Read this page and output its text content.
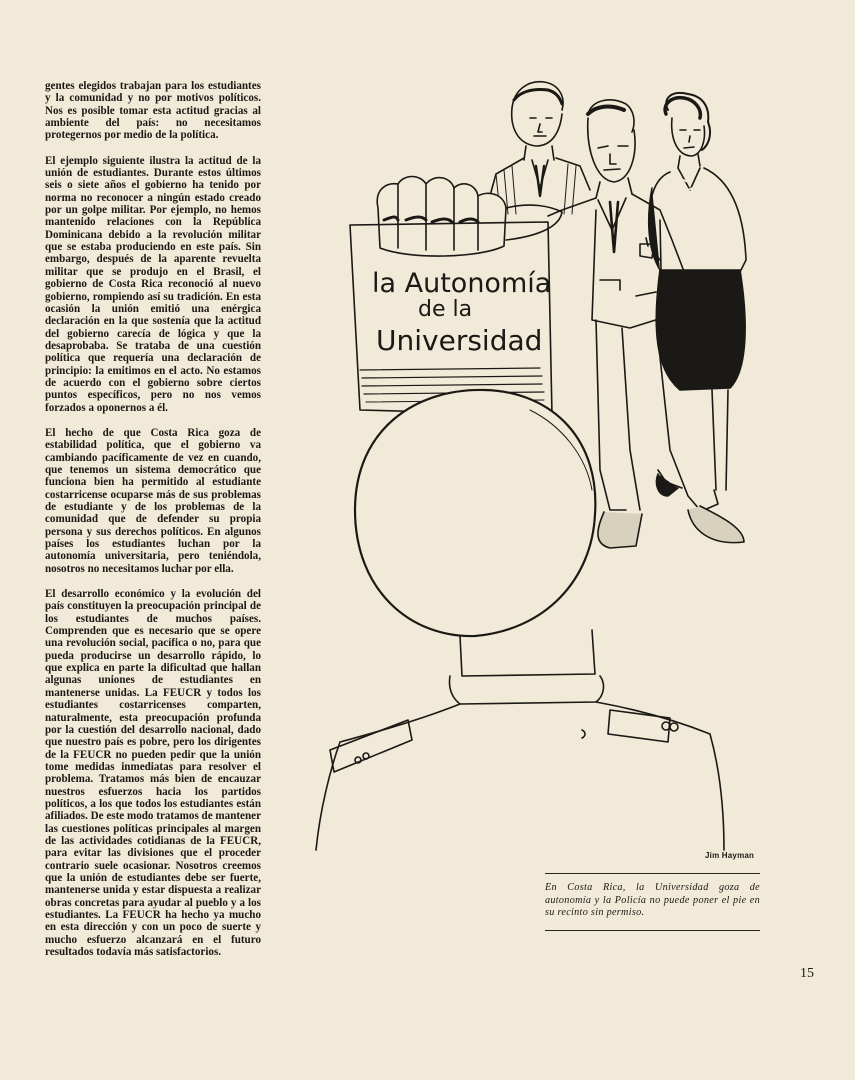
gentes elegidos trabajan para los estudiantes y la comunidad y no por motivos políticos. Nos es posible tomar esta actitud gracias al ambiente del país: no necesitamos protegernos por medio de la política.

El ejemplo siguiente ilustra la actitud de la unión de estudiantes. Durante estos últimos seis o siete años el gobierno ha tenido por norma no reconocer a ningún estado creado por un golpe militar. Por ejemplo, no hemos mantenido relaciones con la República Dominicana debido a la revolución militar que se estaba produciendo en este país. Sin embargo, después de la aparente revuelta militar que se produjo en el Brasil, el gobierno de Costa Rica reconoció al nuevo gobierno, rompiendo así su tradición. En esta ocasión la unión emitió una enérgica declaración en la que sostenía que la actitud del gobierno carecía de lógica y que la desaprobaba. Se trataba de una cuestión política que requería una declaración de principio: la emitimos en el acto. No estamos de acuerdo con el gobierno sobre ciertos puntos específicos, pero no nos vemos forzados a oponernos a él.

El hecho de que Costa Rica goza de estabilidad política, que el gobierno va cambiando pacíficamente de vez en cuando, que tenemos un sistema democrático que funciona bien ha permitido al estudiante costarricense ocuparse más de sus problemas de estudiante y de los problemas de la comunidad que de defender su propia persona y sus derechos políticos. En algunos países los estudiantes luchan por la autonomía universitaria, pero teniéndola, nosotros no necesitamos luchar por ella.

El desarrollo económico y la evolución del país constituyen la preocupación principal de los estudiantes de muchos países. Comprenden que es necesario que se opere una revolución social, pacífica o no, para que pueda producirse un desarrollo rápido, lo que explica en parte la dificultad que hallan algunas uniones de estudiantes en mantenerse unidas. La FEUCR y todos los estudiantes costarricenses comparten, naturalmente, esta preocupación profunda por la cuestión del desarrollo nacional, dado que nuestro país es pobre, pero los dirigentes de la FEUCR no pueden pedir que la unión tome medidas inmediatas para resolver el problema. Tratamos más bien de encauzar nuestros esfuerzos hacia los partidos políticos, a los que todos los estudiantes están afiliados. De este modo tratamos de mantener las cuestiones políticas principales al margen de las actividades cotidianas de la FEUCR, para evitar las divisiones que el proceder contrario suele ocasionar. Nosotros creemos que la unión de estudiantes debe ser fuerte, mantenerse unida y estar dispuesta a realizar obras concretas para ayudar al pueblo y a los estudiantes. La FEUCR ha hecho ya mucho en esta dirección y con un poco de suerte y mucho esfuerzo alcanzará en el futuro resultados todavía más satisfactorios.

la Autonomía
de la
Universidad
Jim Hayman

En Costa Rica, la Universidad goza de autonomía y la Policía no puede poner el pie en su recinto sin permiso.

15
